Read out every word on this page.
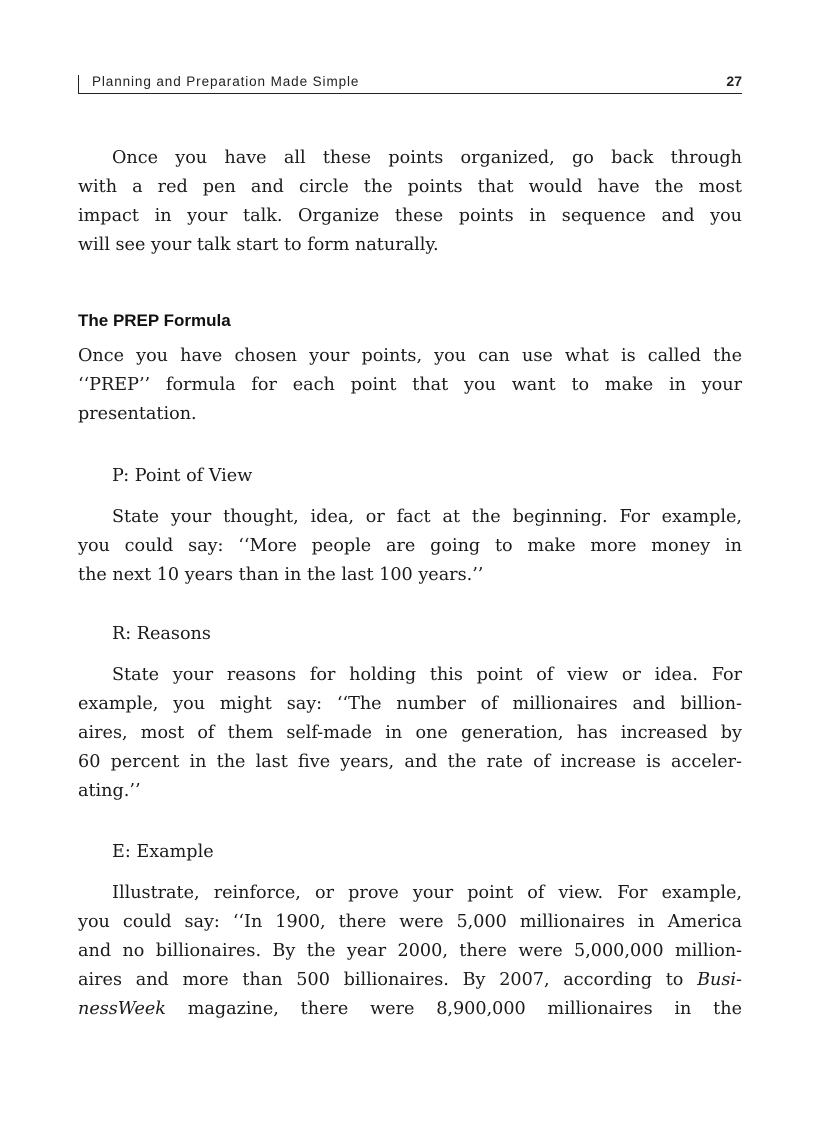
Planning and Preparation Made Simple	27

Once you have all these points organized, go back through
with a red pen and circle the points that would have the most
impact in your talk. Organize these points in sequence and you
will see your talk start to form naturally.

The PREP Formula

Once you have chosen your points, you can use what is called the
‘‘PREP’’ formula for each point that you want to make in your
presentation.

P: Point of View

State your thought, idea, or fact at the beginning. For example,
you could say: ‘‘More people are going to make more money in
the next 10 years than in the last 100 years.’’

R: Reasons

State your reasons for holding this point of view or idea. For
example, you might say: ‘‘The number of millionaires and billion-
aires, most of them self-made in one generation, has increased by
60 percent in the last five years, and the rate of increase is acceler-
ating.’’

E: Example

Illustrate, reinforce, or prove your point of view. For example,
you could say: ‘‘In 1900, there were 5,000 millionaires in America
and no billionaires. By the year 2000, there were 5,000,000 million-
aires and more than 500 billionaires. By 2007, according to Busi-
nessWeek magazine, there were 8,900,000 millionaires in the
